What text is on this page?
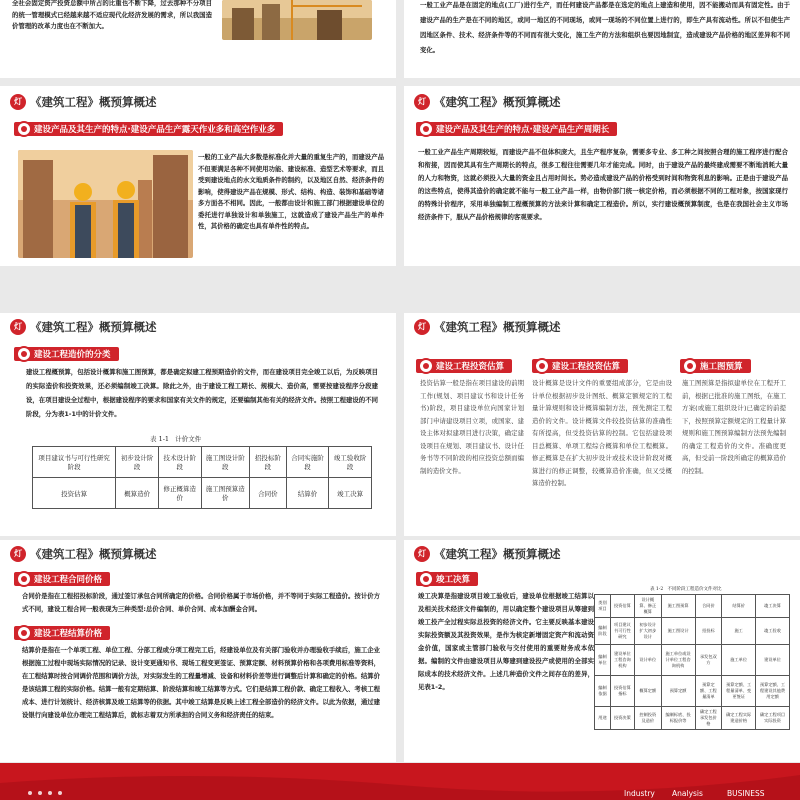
全社会固定资产投资总额中所占的比重也不断下降，过去那种不分项目的统一管理模式已经越来越不适应现代化经济发展的需求，所以我国造价管理的改革力度也在不断加大。
一般工业产品是在固定的地点(工厂)进行生产，而任何建设产品都是在选定的地点上建造和使用，因不能搬动而具有固定性。由于建设产品的生产是在不同的地区，或同一地区的不同现场，或同一现场的不同位置上进行的，即生产具有流动性。所以不但使生产因地区条件、技术、经济条件等的不同而有很大变化，施工生产的方法和组织也要因地制宜，造成建设产品价格的地区差异和不同变化。
灯 《建筑工程》概预算概述
建设产品及其生产的特点·建设产品生产露天作业多和高空作业多
一般的工业产品大多数是标准化并大量的重复生产的，而建设产品不但要满足各种不同使用功能、建设标准、造型艺术等要求，而且受到建设地点的水文地质条件的制约，以及地区自然、经济条件的影响，使得建设产品在规模、形式、结构、构造、装饰和基础等诸多方面各不相同。因此，一般都由设计和施工部门根据建设单位的委托进行单独设计和单独施工，这就造成了建设产品生产的单件性，其价格的确定也具有单件性的特点。
灯 《建筑工程》概预算概述
建设产品及其生产的特点·建设产品生产周期长
一般工业产品生产周期较短，而建设产品不但体积庞大，且生产程序复杂，需要多专业、多工种之间按照合理的施工程序进行配合和衔接，因而使其具有生产周期长的特点，很多工程往往需要几年才能完成。同时，由于建设产品的最终建成需要不断地消耗大量的人力和物资，这就必须投入大量的资金且占用时间长。势必造成建设产品的价格受到时间和物资利息的影响。正是由于建设产品的这些特点，使得其造价的确定就不能与一般工业产品一样，由物价部门统一核定价格，而必须根据不同的工程对象，按国家现行的特殊计价程序，采用单独编制工程概预算的方法来计算和确定工程造价。所以，实行建设概预算制度，也是在我国社会主义市场经济条件下，服从产品价格规律的客观要求。
灯 《建筑工程》概预算概述
建设工程造价的分类
建设工程概预算，包括设计概算和施工图预算，都是确定拟建工程预期造价的文件，而在建设项目完全竣工以后，为反映项目的实际造价和投资效果，还必须编制竣工决算。除此之外，由于建设工程工期长、规模大、造价高，需要按建设程序分段建设，在项目建设全过程中，根据建设程序的要求和国家有关文件的规定，还要编制其他有关的经济文件。按照工程建设的不同阶段，分为表1-1中的计价文件。
表 1-1   计价文件
项目建议书与可行性研究阶段	初步设计阶段	技术设计阶段	施工图设计阶段	招投标阶段	合同实施阶段	竣工验收阶段
投资估算	概算造价	修正概算造价	施工图预算造价	合同价	结算价	竣工决算
灯 《建筑工程》概预算概述
建设工程投资估算
投资估算一般是指在项目建设的前期工作(规划、项目建议书和设计任务书)阶段，项目建设单位向国家计划部门申请建设项目立项，或国家、建设主体对拟建项目进行决策，确定建设项目在规划、项目建议书、设计任务书等不同阶段的相应投资总额而编制的造价文件。
建设工程投资估算
设计概算是设计文件的重要组成部分，它是由设计单位根据初步设计图纸、概算定额规定的工程量计算规则和设计概算编制方法，预先测定工程造价的文件。设计概算文件较投资估算的准确性有所提高，但受投资估算的控制。它包括建设项目总概算、单项工程综合概算和单位工程概算。修正概算是在扩大初步设计或技术设计阶段对概算进行的修正调整，较概算造价准确，但又受概算造价控制。
施工图预算
施工图预算是指拟建单位在工程开工前，根据已批准的施工图纸，在施工方案(或施工组织设计)已确定的前提下，按照预算定额规定的工程量计算规则和施工图预算编制方法预先编制的确定工程造价的文件。准确度更高，但受前一阶段所确定的概算造价的控制。
灯 《建筑工程》概预算概述
建设工程合同价格
合同价是指在工程招投标阶段，通过签订承包合同所确定的价格。合同价格属于市场价格，并不等同于实际工程造价。按计价方式不同，建设工程合同一般表现为三种类型:总价合同、单价合同、成本加酬金合同。
建设工程结算价格
结算价是指在一个单项工程、单位工程、分部工程或分项工程完工后，经建设单位及有关部门验收并办理验收手续后，施工企业根据施工过程中现场实际情况的记录、设计变更通知书、现场工程变更签证、预算定额、材料预算价格和各项费用标准等资料，在工程结算时按合同调价范围和调价方法，对实际发生的工程量增减、设备和材料价差等进行调整后计算和确定的价格。结算价是该结算工程的实际价格。结算一般有定期结算、阶段结算和竣工结算等方式。它们是结算工程价款、确定工程收入、考核工程成本、进行计划统计、经济核算及竣工结算等的依据。其中竣工结算是反映上述工程全部造价的经济文件。以此为依据，通过建设银行向建设单位办理完工程结算后，就标志着双方所承担的合同义务和经济责任的结束。
灯 《建筑工程》概预算概述
竣工决算
竣工决算是指建设项目竣工验收后，建设单位根据竣工结算以及相关技术经济文件编制的，用以确定整个建设项目从筹建到竣工投产全过程实际总投资的经济文件。它主要反映基本建设实际投资额及其投资效果，是作为核定新增固定资产和流动资金价值，国家或主管部门验收与交付使用的重要财务成本依据。编制的文件由建设项目从筹建到建设投产或使用的全部实际成本的技术经济文件。上述几种造价文件之间存在的差异，见表1-2。
表 1-2   不同阶段工程造价文件对比
类别 项目	投资估算	设计概算、修正概算	施工图预算	合同价	结算价	竣工决算
编制阶段	项目建议书可行性研究	初步设计扩大初步设计	施工图设计	招投标	施工	竣工验收
编制单位	建设单位工程咨询机构	设计单位	施工单位或设计单位工程咨询机构	承发包双方	施工单位	建设单位
编制依据	投资估算指标	概算定额	预算定额	预算定额、工程量清单	预算定额、工程量清单、变更签证	预算定额、工程建设其他费用定额
用途	投资决策	控制投资及造价	编制标底、投标报价等	确定工程承发包价格	确定工程实际建造价格	确定工程项目实际投资
Industry Analysis	BUSINESS
